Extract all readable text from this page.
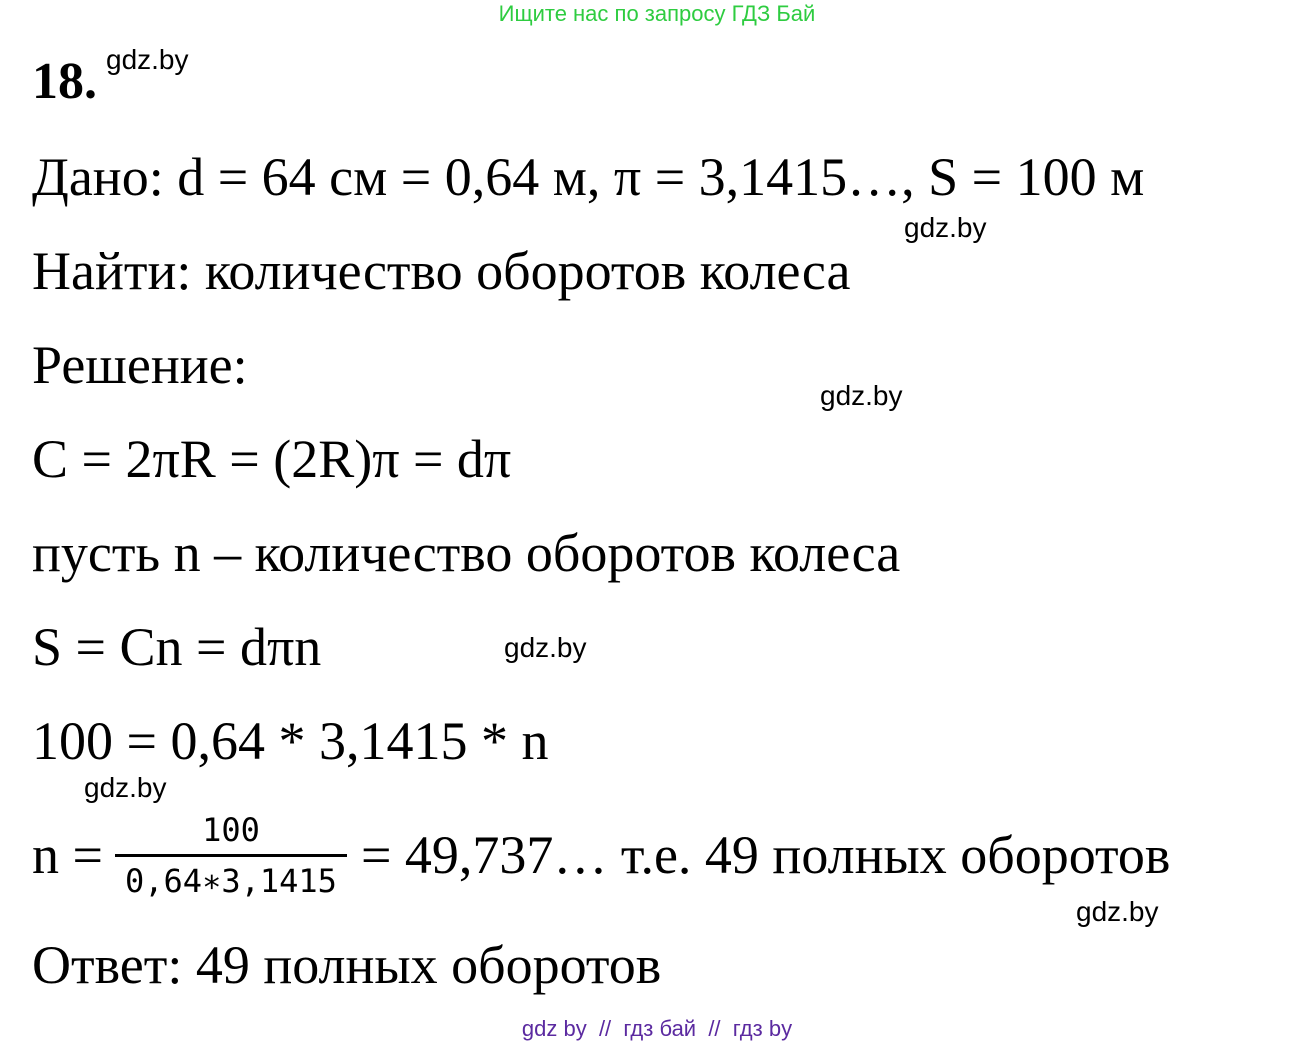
Ищите нас по запросу ГДЗ Бай
18. gdz.by
gdz.by
gdz.by
gdz.by
gdz.by
gdz.by
Дано: d = 64 см = 0,64 м, π = 3,1415…, S = 100 м
Найти: количество оборотов колеса
Решение:
C = 2πR = (2R)π = dπ
пусть n – количество оборотов колеса
S = Cn = dπn
100 = 0,64 * 3,1415 * n
$n = \frac{100}{0,64∗3,1415}$ = 49,737… т.е. 49 полных оборотов
Ответ: 49 полных оборотов
gdz by  //  гдз бай  //  гдз by
